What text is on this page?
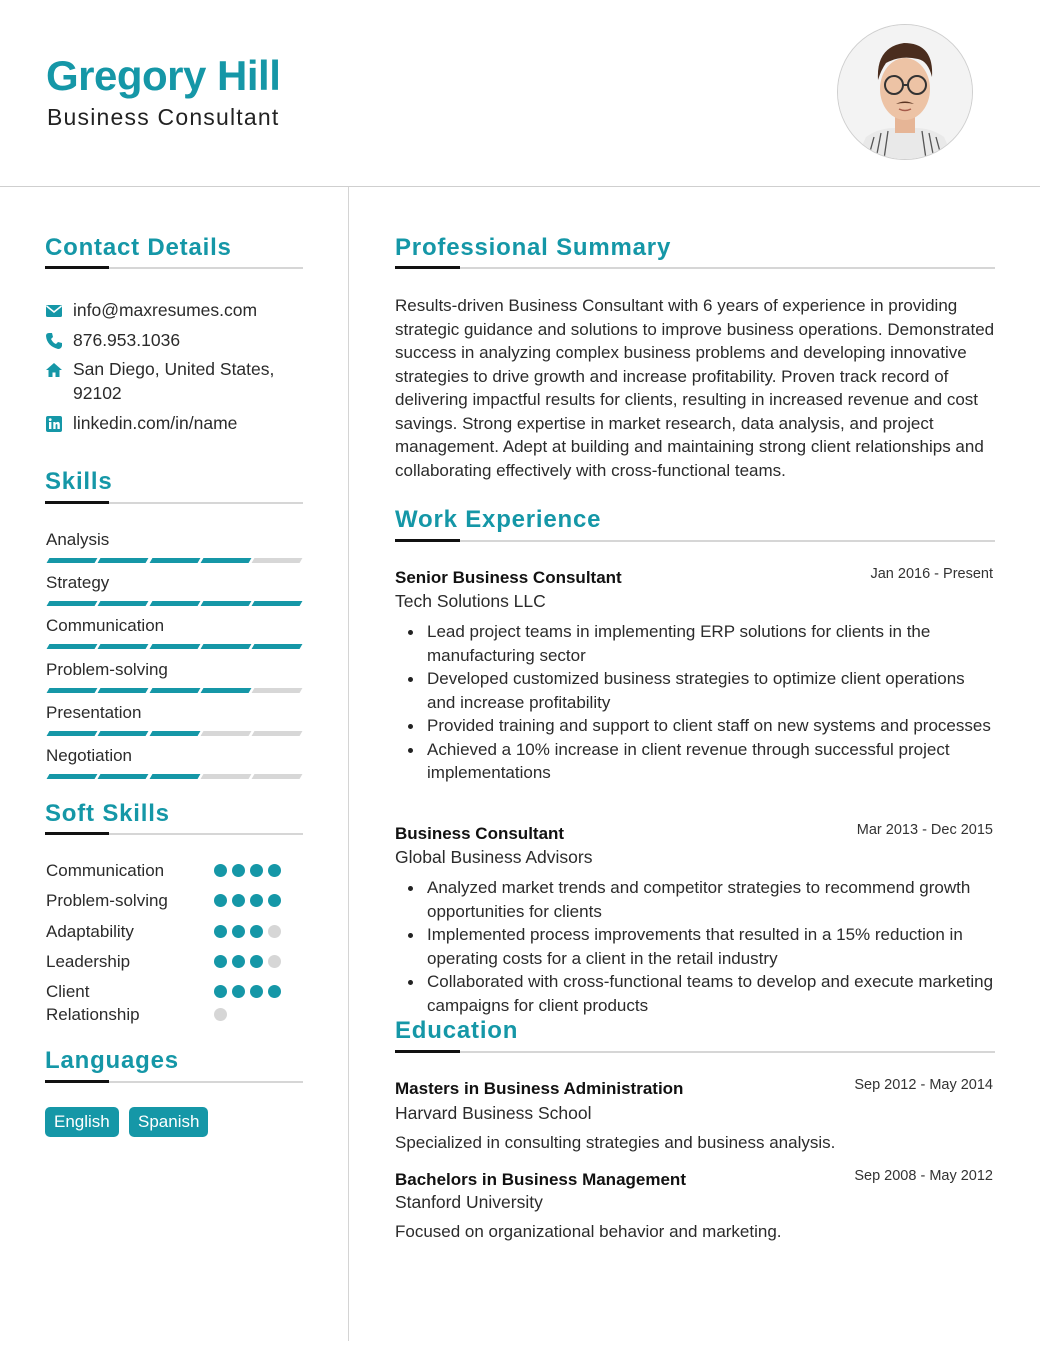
Gregory Hill
Business Consultant
Contact Details
info@maxresumes.com
876.953.1036
San Diego, United States,
92102
linkedin.com/in/name
Skills
Analysis
Strategy
Communication
Problem-solving
Presentation
Negotiation
Soft Skills
Communication
Problem-solving
Adaptability
Leadership
Client
Relationship
Languages
English	Spanish
Professional Summary

Results-driven Business Consultant with 6 years of experience in providing strategic guidance and solutions to improve business operations. Demonstrated success in analyzing complex business problems and developing innovative strategies to drive growth and increase profitability. Proven track record of delivering impactful results for clients, resulting in increased revenue and cost savings. Strong expertise in market research, data analysis, and project management. Adept at building and maintaining strong client relationships and collaborating effectively with cross-functional teams.

Work Experience
Senior Business Consultant	Jan 2016 - Present
Tech Solutions LLC
Lead project teams in implementing ERP solutions for clients in the manufacturing sector
Developed customized business strategies to optimize client operations and increase profitability
Provided training and support to client staff on new systems and processes
Achieved a 10% increase in client revenue through successful project implementations
Business Consultant	Mar 2013 - Dec 2015
Global Business Advisors
Analyzed market trends and competitor strategies to recommend growth opportunities for clients
Implemented process improvements that resulted in a 15% reduction in operating costs for a client in the retail industry
Collaborated with cross-functional teams to develop and execute marketing campaigns for client products
Education
Masters in Business Administration	Sep 2012 - May 2014
Harvard Business School
Specialized in consulting strategies and business analysis.
Bachelors in Business Management	Sep 2008 - May 2012
Stanford University
Focused on organizational behavior and marketing.
